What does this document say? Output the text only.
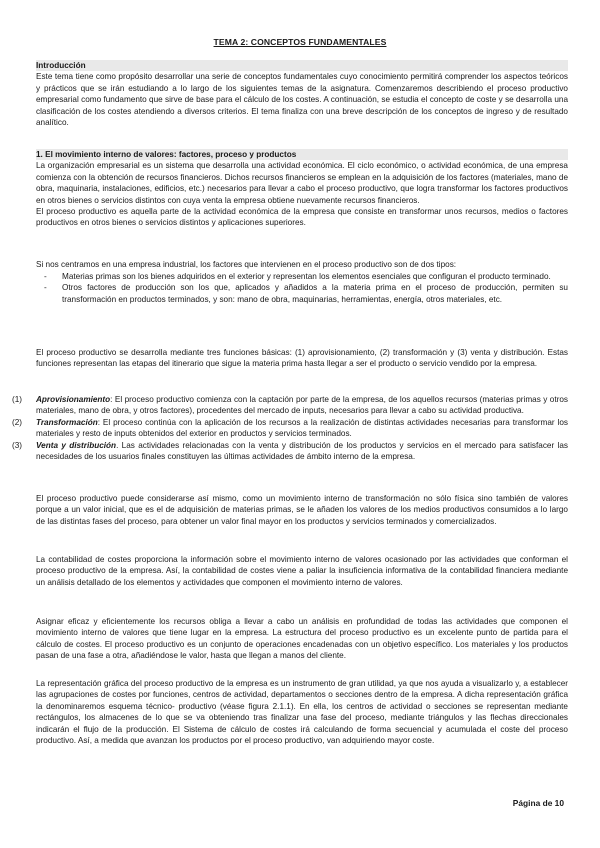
TEMA 2: CONCEPTOS FUNDAMENTALES

Introducción

Este tema tiene como propósito desarrollar una serie de conceptos fundamentales cuyo conocimiento permitirá comprender los aspectos teóricos y prácticos que se irán estudiando a lo largo de los siguientes temas de la asignatura. Comenzaremos describiendo el proceso productivo empresarial como fundamento que sirve de base para el cálculo de los costes. A continuación, se estudia el concepto de coste y se desarrolla una clasificación de los costes atendiendo a diversos criterios. El tema finaliza con una breve descripción de los conceptos de ingreso y de resultado analítico.

1. El movimiento interno de valores: factores, proceso y productos

La organización empresarial es un sistema que desarrolla una actividad económica. El ciclo económico, o actividad económica, de una empresa comienza con la obtención de recursos financieros. Dichos recursos financieros se emplean en la adquisición de los factores (materiales, mano de obra, maquinaria, instalaciones, edificios, etc.) necesarios para llevar a cabo el proceso productivo, que logra transformar los factores productivos en otros bienes o servicios distintos con cuya venta la empresa obtiene nuevamente recursos financieros.

El proceso productivo es aquella parte de la actividad económica de la empresa que consiste en transformar unos recursos, medios o factores productivos en otros bienes o servicios distintos y aplicaciones superiores.

Si nos centramos en una empresa industrial, los factores que intervienen en el proceso productivo son de dos tipos:
- Materias primas son los bienes adquiridos en el exterior y representan los elementos esenciales que configuran el producto terminado.
- Otros factores de producción son los que, aplicados y añadidos a la materia prima en el proceso de producción, permiten su transformación en productos terminados, y son: mano de obra, maquinarias, herramientas, energía, otros materiales, etc.
El proceso productivo se desarrolla mediante tres funciones básicas: (1) aprovisionamiento, (2) transformación y (3) venta y distribución. Estas funciones representan las etapas del itinerario que sigue la materia prima hasta llegar a ser el producto o servicio vendido por la empresa.
(1) Aprovisionamiento: El proceso productivo comienza con la captación por parte de la empresa, de los aquellos recursos (materias primas y otros materiales, mano de obra, y otros factores), procedentes del mercado de inputs, necesarios para llevar a cabo su actividad productiva.
(2) Transformación: El proceso continúa con la aplicación de los recursos a la realización de distintas actividades necesarias para transformar los materiales y resto de inputs obtenidos del exterior en productos y servicios terminados.
(3) Venta y distribución. Las actividades relacionadas con la venta y distribución de los productos y servicios en el mercado para satisfacer las necesidades de los usuarios finales constituyen las últimas actividades de ámbito interno de la empresa.
El proceso productivo puede considerarse así mismo, como un movimiento interno de transformación no sólo física sino también de valores porque a un valor inicial, que es el de adquisición de materias primas, se le añaden los valores de los medios productivos consumidos a lo largo de las distintas fases del proceso, para obtener un valor final mayor en los productos y servicios terminados y comercializados.
La contabilidad de costes proporciona la información sobre el movimiento interno de valores ocasionado por las actividades que conforman el proceso productivo de la empresa. Así, la contabilidad de costes viene a paliar la insuficiencia informativa de la contabilidad financiera mediante un análisis detallado de los elementos y actividades que componen el movimiento interno de valores.
Asignar eficaz y eficientemente los recursos obliga a llevar a cabo un análisis en profundidad de todas las actividades que componen el movimiento interno de valores que tiene lugar en la empresa. La estructura del proceso productivo es un excelente punto de partida para el cálculo de costes. El proceso productivo es un conjunto de operaciones encadenadas con un objetivo específico. Los materiales y los productos pasan de una fase a otra, añadiéndose le valor, hasta que llegan a manos del cliente.
La representación gráfica del proceso productivo de la empresa es un instrumento de gran utilidad, ya que nos ayuda a visualizarlo y, a establecer las agrupaciones de costes por funciones, centros de actividad, departamentos o secciones dentro de la empresa. A dicha representación gráfica la denominaremos esquema técnico- productivo (véase figura 2.1.1). En ella, los centros de actividad o secciones se representan mediante rectángulos, los almacenes de lo que se va obteniendo tras finalizar una fase del proceso, mediante triángulos y las flechas direccionales indicarán el flujo de la producción. El Sistema de cálculo de costes irá calculando de forma secuencial y acumulada el coste del proceso productivo. Así, a medida que avanzan los productos por el proceso productivo, van adquiriendo mayor coste.
Página de 10
